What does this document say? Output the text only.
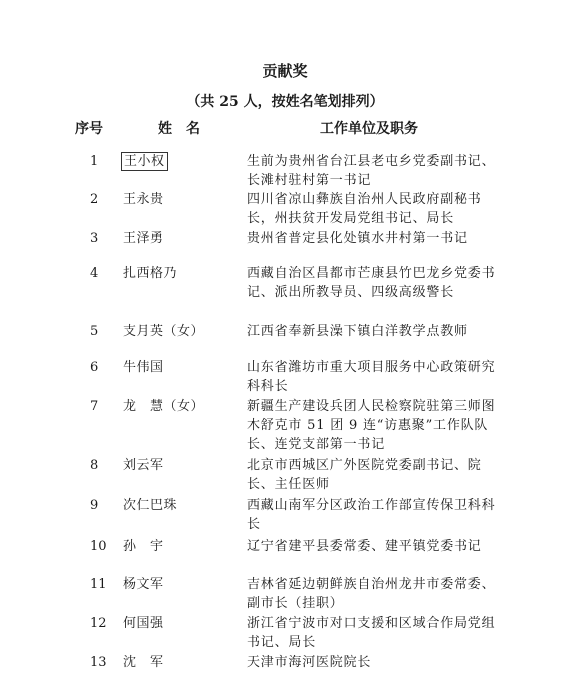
贡献奖
（共 25 人，按姓名笔划排列）
序号	姓名	工作单位及职务
1 王小权	生前为贵州省台江县老屯乡党委副书记、长滩村驻村第一书记
2 王永贵	四川省凉山彝族自治州人民政府副秘书长，州扶贫开发局党组书记、局长
3 王泽勇	贵州省普定县化处镇水井村第一书记
4 扎西格乃	西藏自治区昌都市芒康县竹巴龙乡党委书记、派出所教导员、四级高级警长
5 支月英（女）	江西省奉新县澡下镇白洋教学点教师
6 牛伟国	山东省潍坊市重大项目服务中心政策研究科科长
7 龙　慧（女）	新疆生产建设兵团人民检察院驻第三师图木舒克市 51 团 9 连“访惠聚”工作队队长、连党支部第一书记
8 刘云军	北京市西城区广外医院党委副书记、院长、主任医师
9 次仁巴珠	西藏山南军分区政治工作部宣传保卫科科长
10 孙　宇	辽宁省建平县委常委、建平镇党委书记
11 杨文军	吉林省延边朝鲜族自治州龙井市委常委、副市长（挂职）
12 何国强	浙江省宁波市对口支援和区域合作局党组书记、局长
13 沈　军	天津市海河医院院长
